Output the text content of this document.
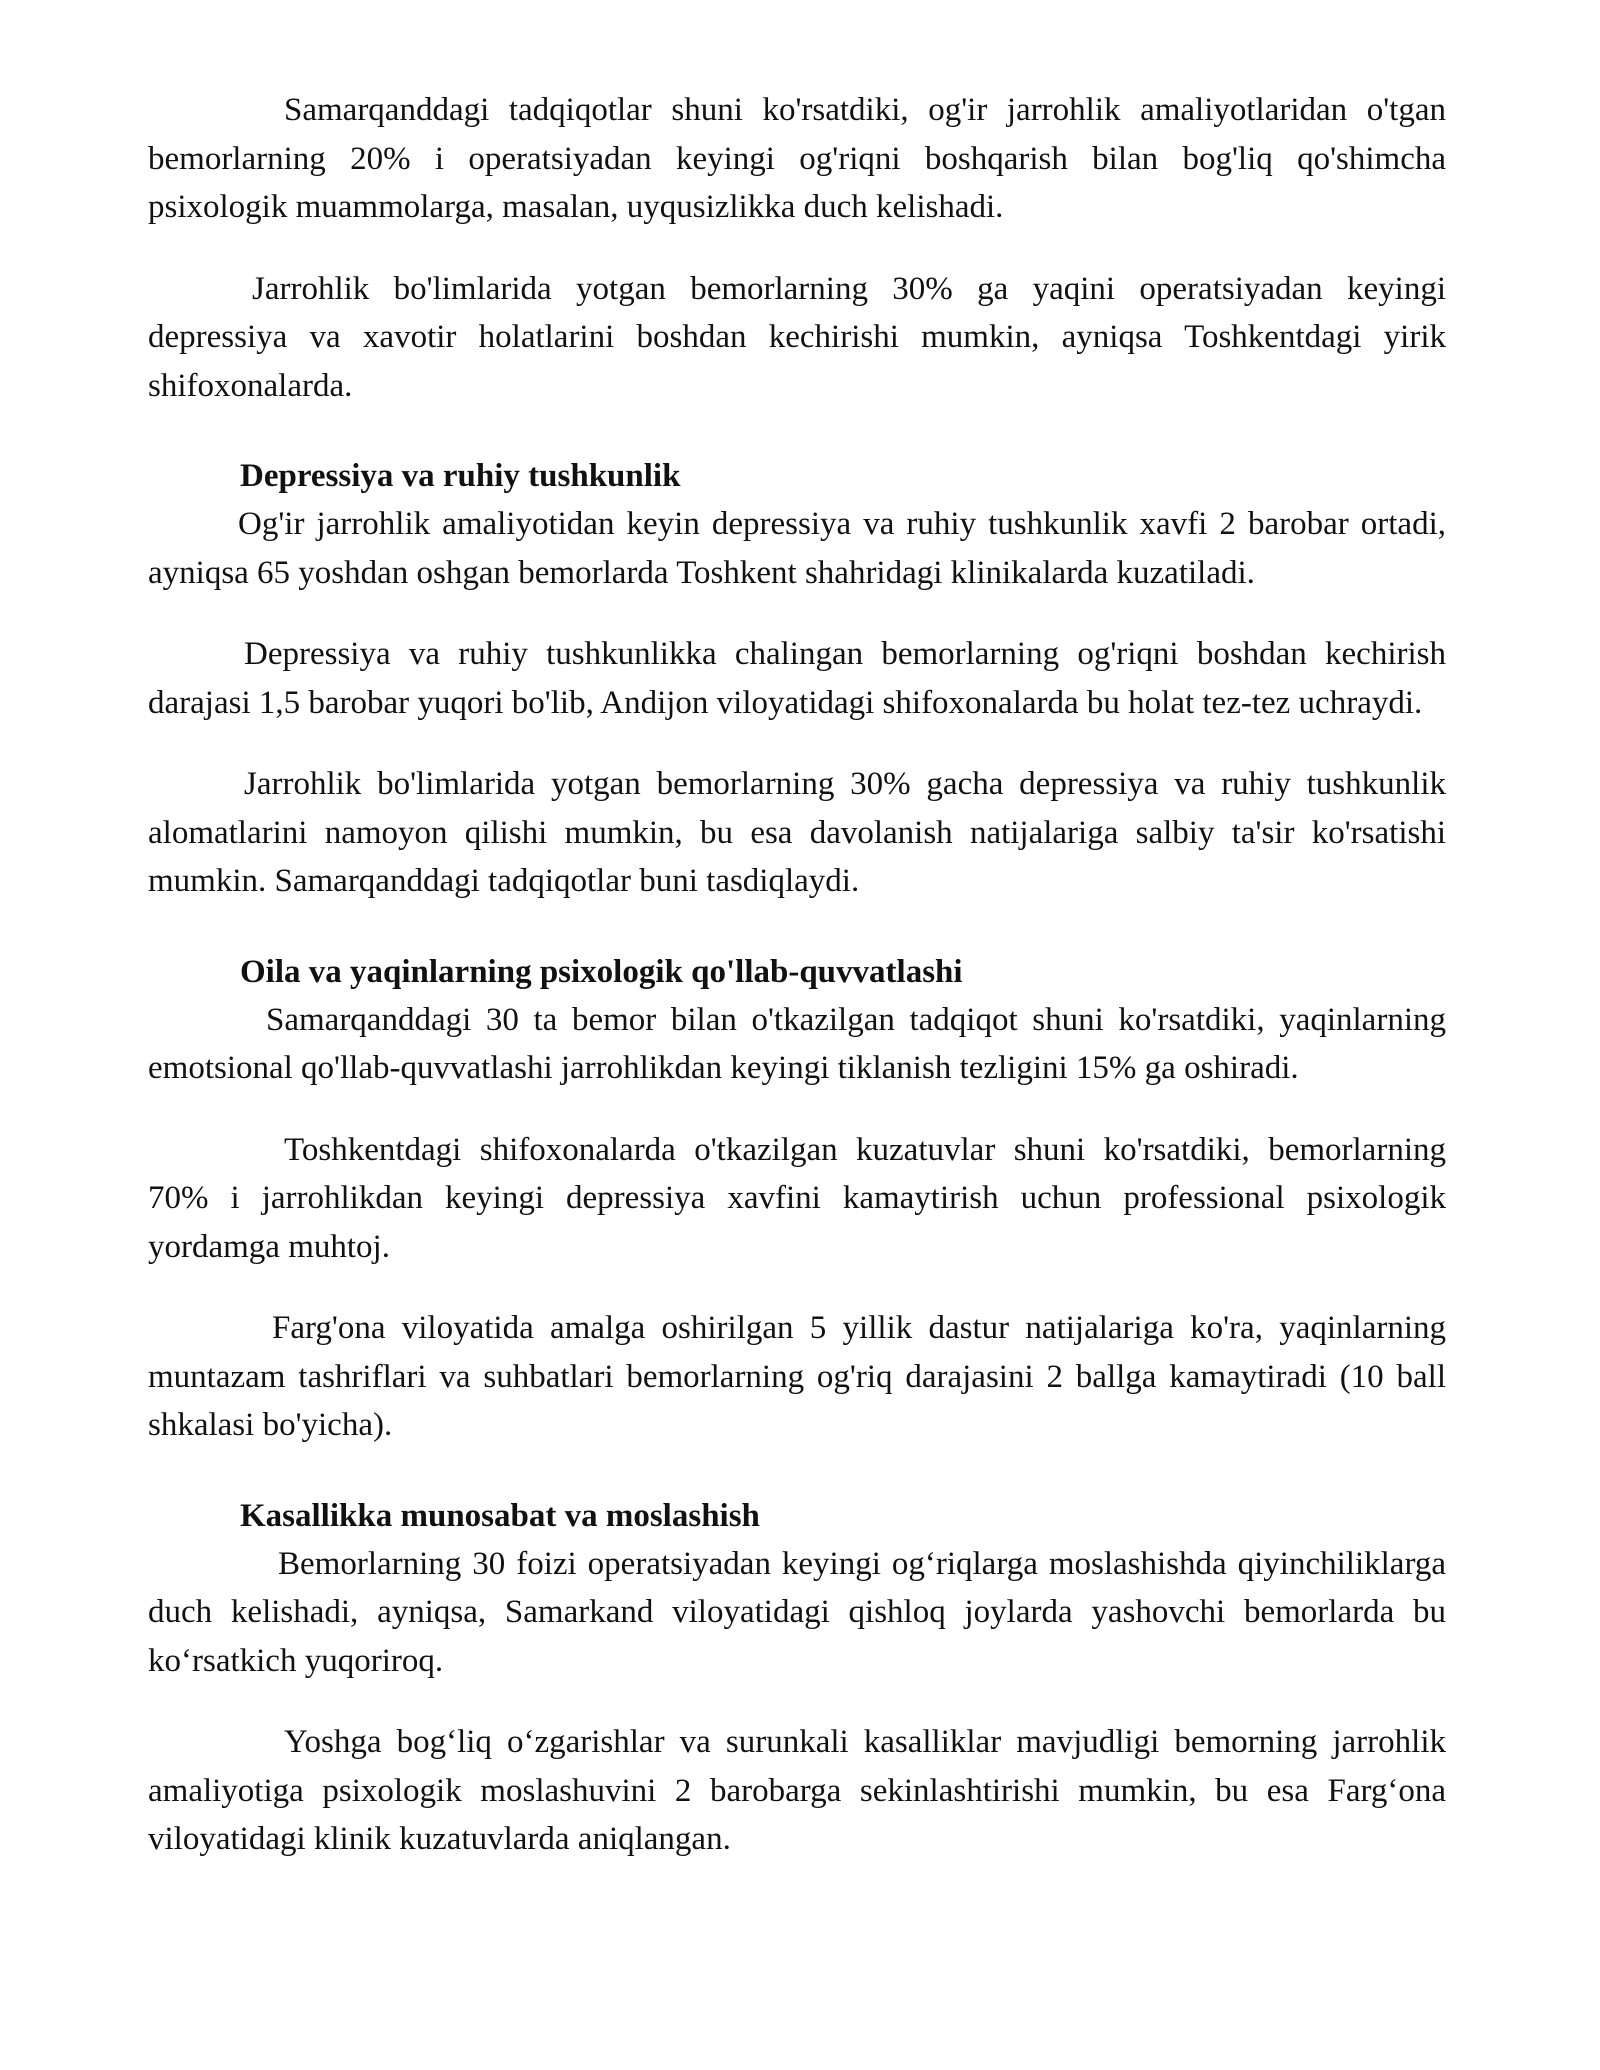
Samarqanddagi tadqiqotlar shuni ko'rsatdiki, og'ir jarrohlik amaliyotlaridan o'tgan bemorlarning 20% i operatsiyadan keyingi og'riqni boshqarish bilan bog'liq qo'shimcha psixologik muammolarga, masalan, uyqusizlikka duch kelishadi.

Jarrohlik bo'limlarida yotgan bemorlarning 30% ga yaqini operatsiyadan keyingi depressiya va xavotir holatlarini boshdan kechirishi mumkin, ayniqsa Toshkentdagi yirik shifoxonalarda.

Depressiya va ruhiy tushkunlik

Og'ir jarrohlik amaliyotidan keyin depressiya va ruhiy tushkunlik xavfi 2 barobar ortadi, ayniqsa 65 yoshdan oshgan bemorlarda Toshkent shahridagi klinikalarda kuzatiladi.

Depressiya va ruhiy tushkunlikka chalingan bemorlarning og'riqni boshdan kechirish darajasi 1,5 barobar yuqori bo'lib, Andijon viloyatidagi shifoxonalarda bu holat tez-tez uchraydi.

Jarrohlik bo'limlarida yotgan bemorlarning 30% gacha depressiya va ruhiy tushkunlik alomatlarini namoyon qilishi mumkin, bu esa davolanish natijalariga salbiy ta'sir ko'rsatishi mumkin. Samarqanddagi tadqiqotlar buni tasdiqlaydi.

Oila va yaqinlarning psixologik qo'llab-quvvatlashi

Samarqanddagi 30 ta bemor bilan o'tkazilgan tadqiqot shuni ko'rsatdiki, yaqinlarning emotsional qo'llab-quvvatlashi jarrohlikdan keyingi tiklanish tezligini 15% ga oshiradi.

Toshkentdagi shifoxonalarda o'tkazilgan kuzatuvlar shuni ko'rsatdiki, bemorlarning 70% i jarrohlikdan keyingi depressiya xavfini kamaytirish uchun professional psixologik yordamga muhtoj.

Farg'ona viloyatida amalga oshirilgan 5 yillik dastur natijalariga ko'ra, yaqinlarning muntazam tashriflari va suhbatlari bemorlarning og'riq darajasini 2 ballga kamaytiradi (10 ball shkalasi bo'yicha).

Kasallikka munosabat va moslashish

Bemorlarning 30 foizi operatsiyadan keyingi og‘riqlarga moslashishda qiyinchiliklarga duch kelishadi, ayniqsa, Samarkand viloyatidagi qishloq joylarda yashovchi bemorlarda bu ko‘rsatkich yuqoriroq.

Yoshga bog‘liq o‘zgarishlar va surunkali kasalliklar mavjudligi bemorning jarrohlik amaliyotiga psixologik moslashuvini 2 barobarga sekinlashtirishi mumkin, bu esa Farg‘ona viloyatidagi klinik kuzatuvlarda aniqlangan.
